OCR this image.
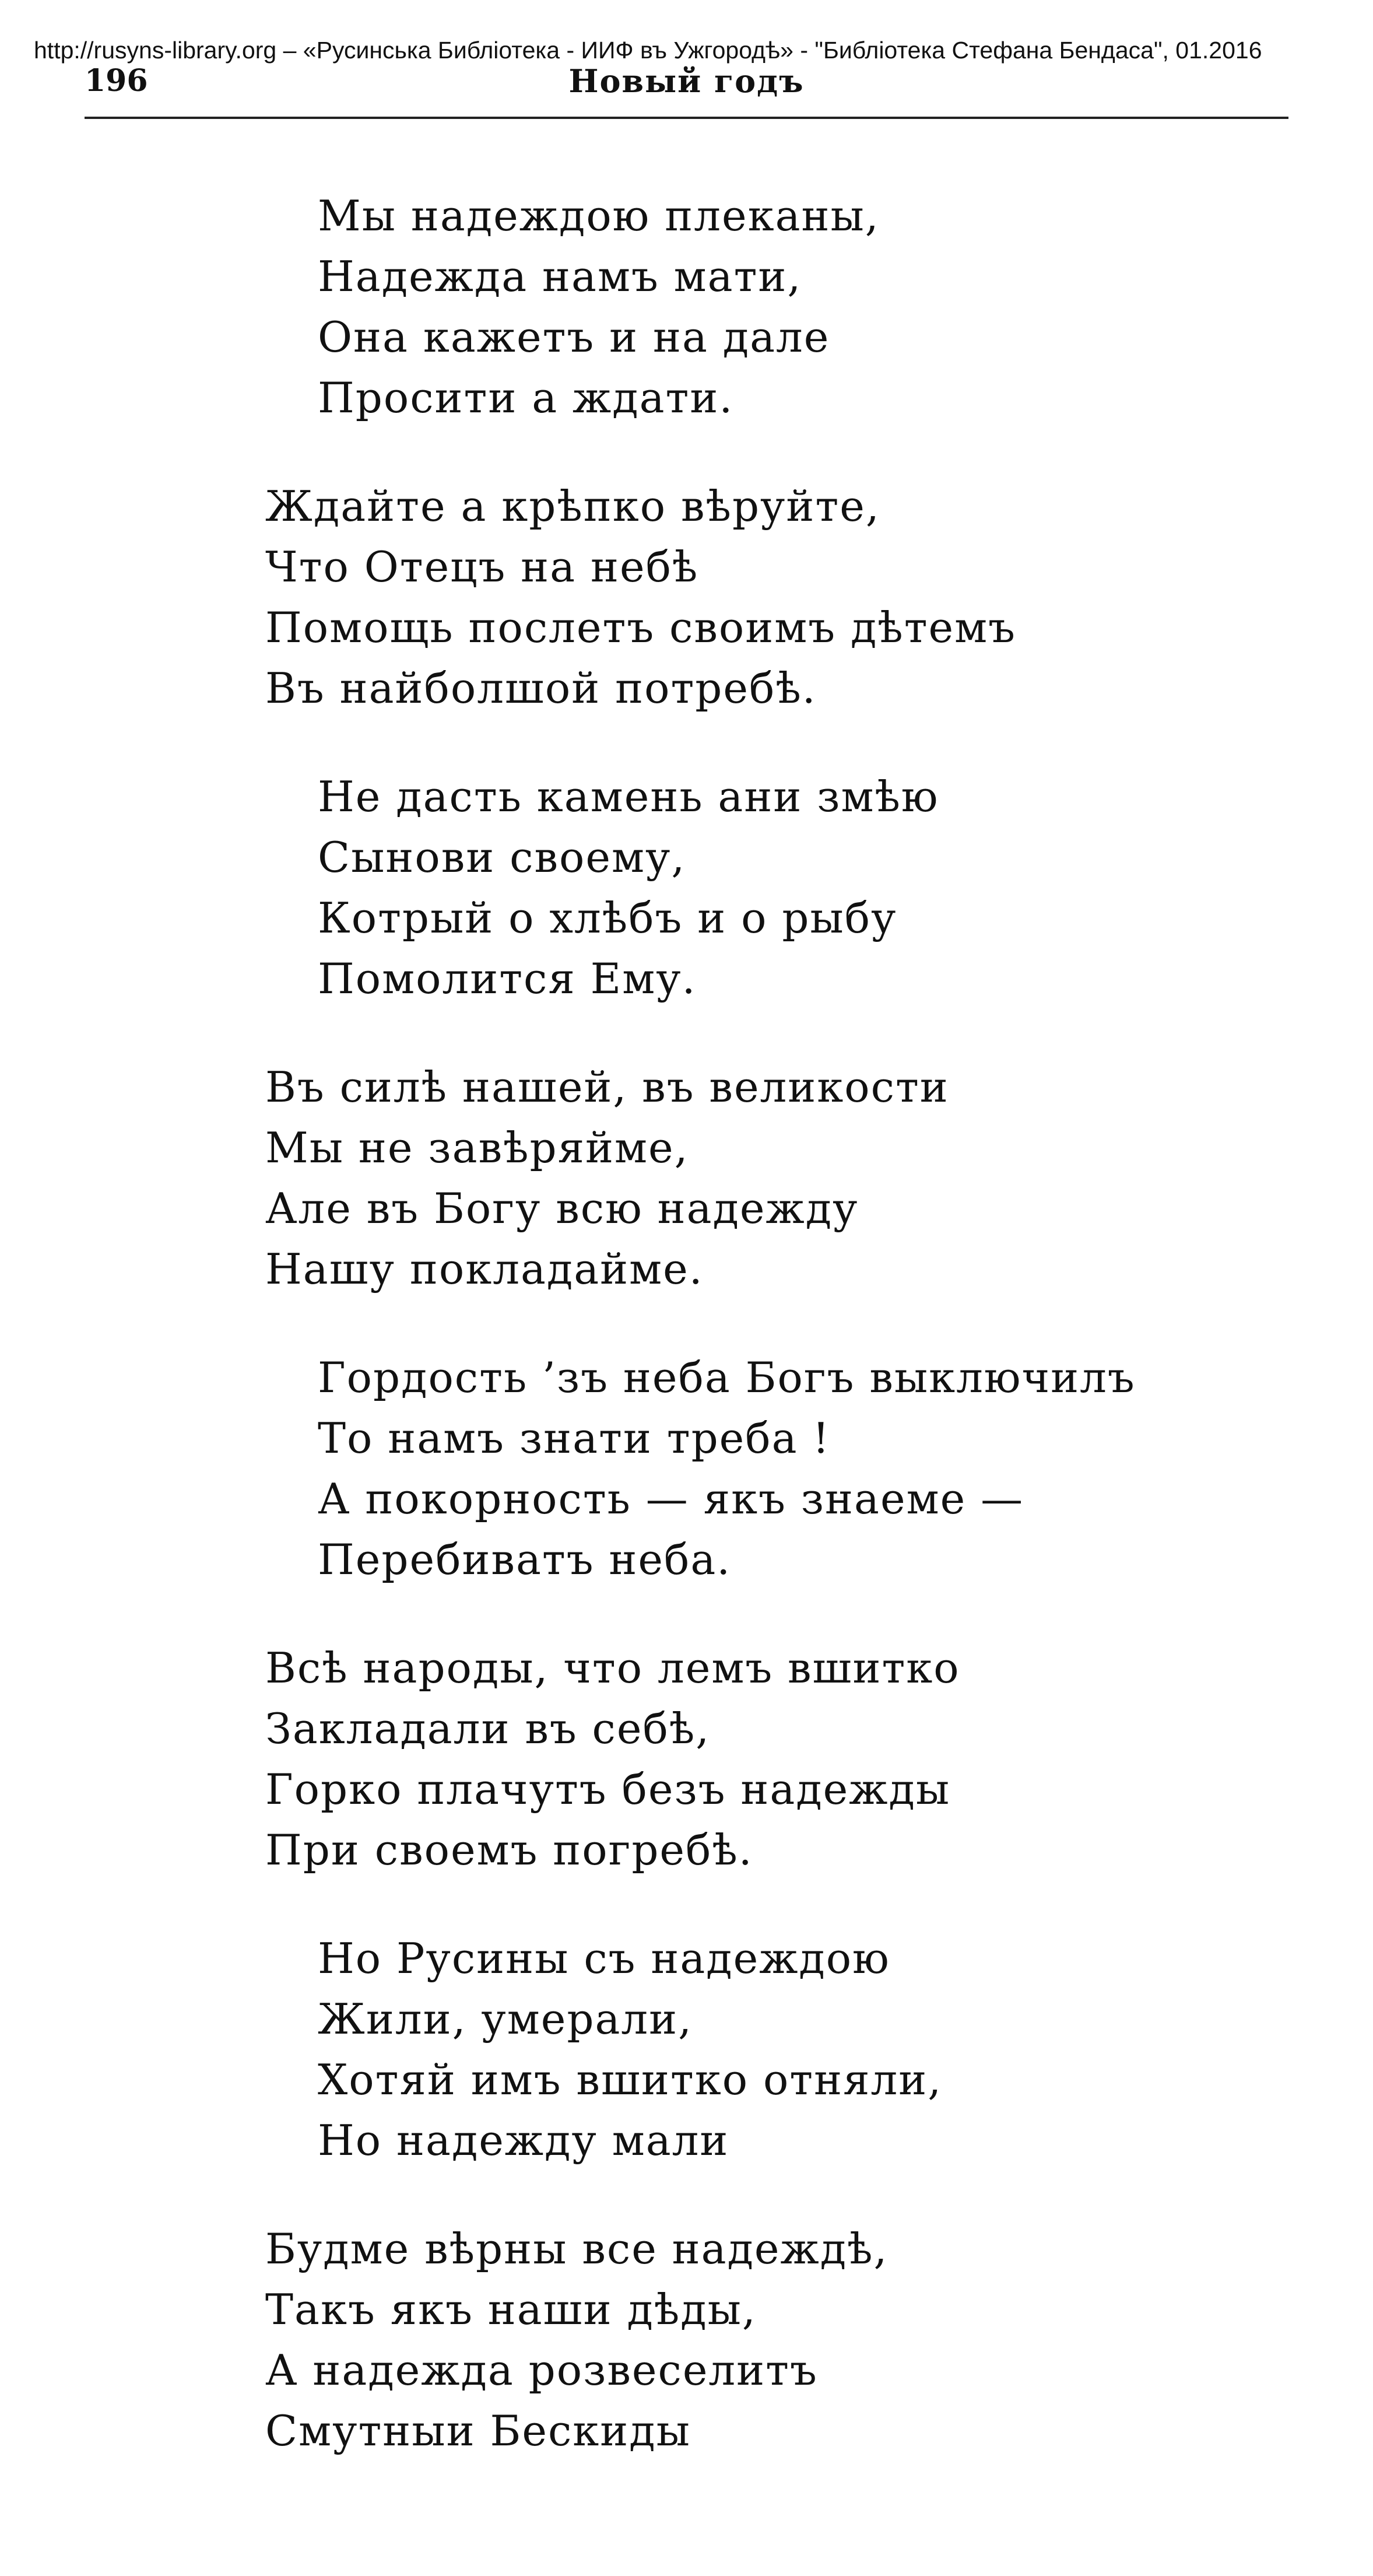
http://rusyns-library.org – «Русинська Библіотека - ИИФ въ Ужгородѣ» - "Библіотека Стефана Бендаса", 01.2016
196	Новый годъ
Мы надеждою плеканы,
Надежда намъ мати,
Она кажетъ и на дале
Просити а ждати.
Ждайте а крѣпко вѣруйте,
Что Отецъ на небѣ
Помощь послетъ своимъ дѣтемъ
Въ найболшой потребѣ.
Не дасть камень ани змѣю
Сынови своему,
Котрый о хлѣбъ и о рыбу
Помолится Ему.
Въ силѣ нашей, въ великости
Мы не завѣряйме,
Але въ Богу всю надежду
Нашу покладайме.
Гордость ’зъ неба Богъ выключилъ
То намъ знати треба !
А покорность — якъ знаеме —
Перебиватъ неба.
Всѣ народы, что лемъ вшитко
Закладали въ себѣ,
Горко плачутъ безъ надежды
При своемъ погребѣ.
Но Русины съ надеждою
Жили, умерали,
Хотяй имъ вшитко отняли,
Но надежду мали
Будме вѣрны все надеждѣ,
Такъ якъ наши дѣды,
А надежда розвеселитъ
Смутныи Бескиды
